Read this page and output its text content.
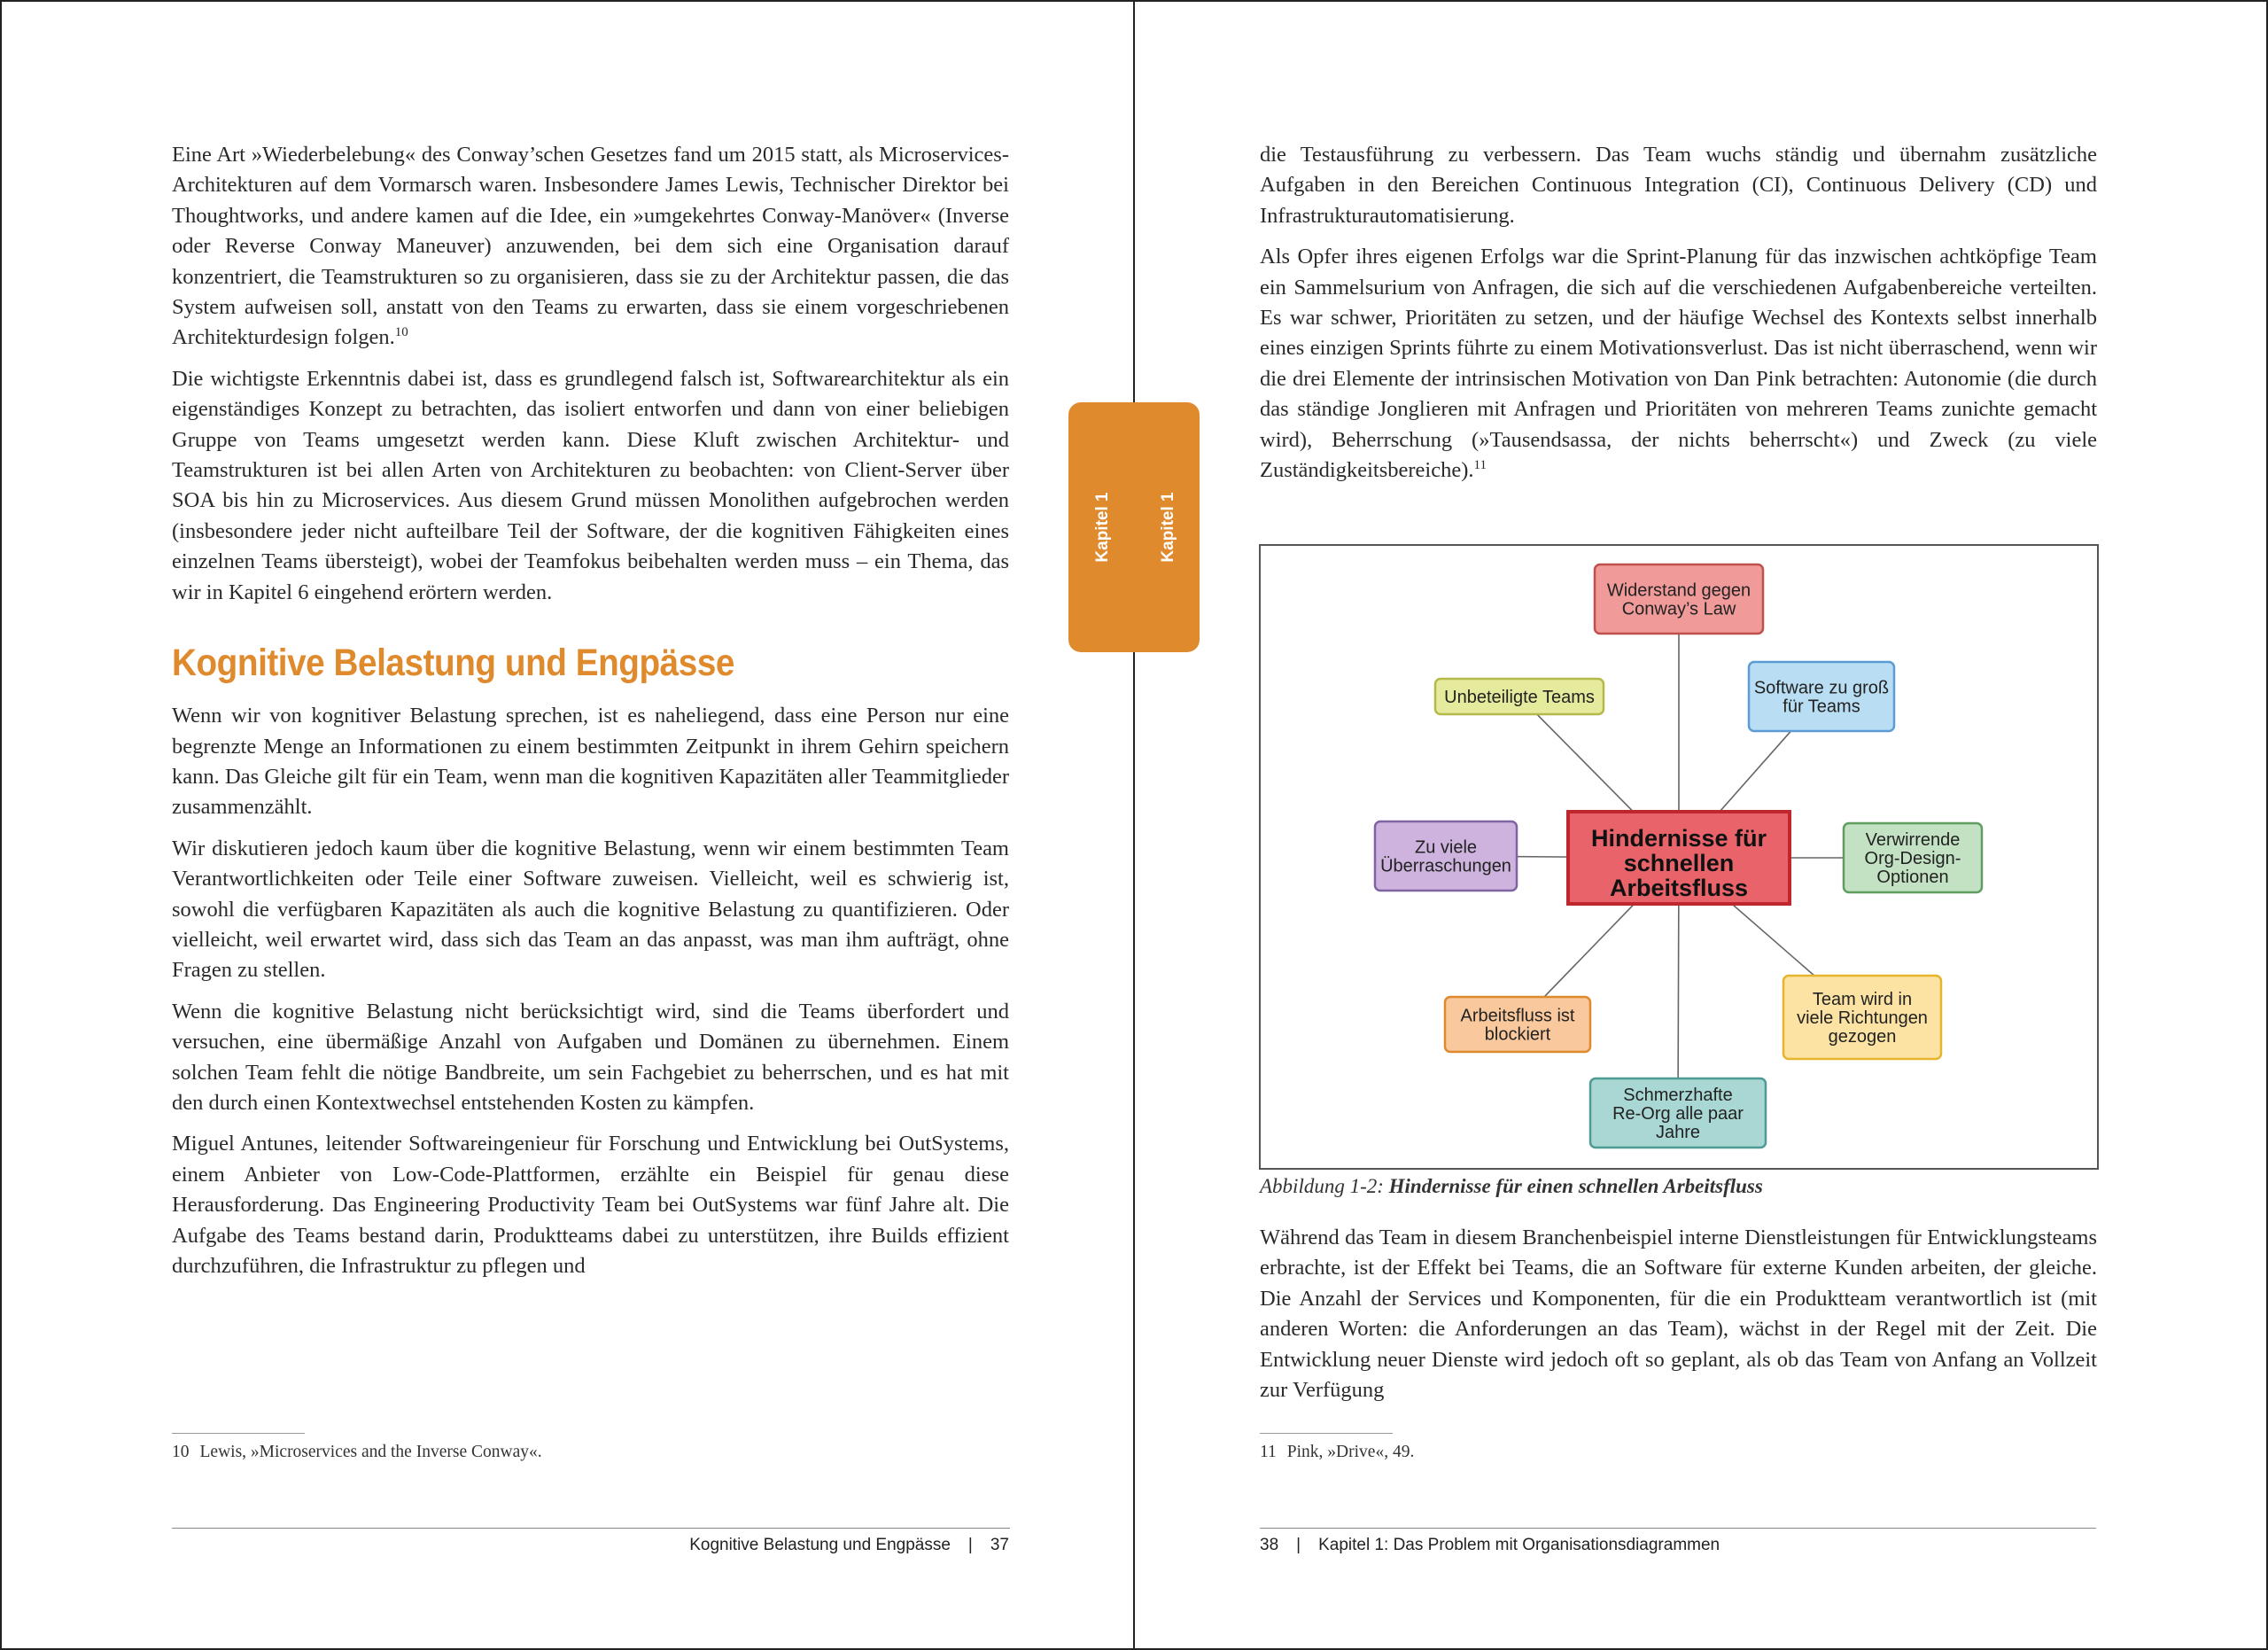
Eine Art »Wiederbelebung« des Conway’schen Gesetzes fand um 2015 statt, als Microservices-Architekturen auf dem Vormarsch waren. Insbesondere James Lewis, Technischer Direktor bei Thoughtworks, und andere kamen auf die Idee, ein »umgekehrtes Conway-Manöver« (Inverse oder Reverse Conway Maneuver) anzuwenden, bei dem sich eine Organisation darauf konzentriert, die Teamstrukturen so zu organisieren, dass sie zu der Architektur passen, die das System aufweisen soll, anstatt von den Teams zu erwarten, dass sie einem vorgeschriebenen Architekturdesign folgen.$^{10}$

Die wichtigste Erkenntnis dabei ist, dass es grundlegend falsch ist, Softwarearchitektur als ein eigenständiges Konzept zu betrachten, das isoliert entworfen und dann von einer beliebigen Gruppe von Teams umgesetzt werden kann. Diese Kluft zwischen Architektur- und Teamstrukturen ist bei allen Arten von Architekturen zu beobachten: von Client-Server über SOA bis hin zu Microservices. Aus diesem Grund müssen Monolithen aufgebrochen werden (insbesondere jeder nicht aufteilbare Teil der Software, der die kognitiven Fähigkeiten eines einzelnen Teams übersteigt), wobei der Teamfokus beibehalten werden muss – ein Thema, das wir in Kapitel 6 eingehend erörtern werden.

Kognitive Belastung und Engpässe

Wenn wir von kognitiver Belastung sprechen, ist es naheliegend, dass eine Person nur eine begrenzte Menge an Informationen zu einem bestimmten Zeitpunkt in ihrem Gehirn speichern kann. Das Gleiche gilt für ein Team, wenn man die kognitiven Kapazitäten aller Teammitglieder zusammenzählt.

Wir diskutieren jedoch kaum über die kognitive Belastung, wenn wir einem bestimmten Team Verantwortlichkeiten oder Teile einer Software zuweisen. Vielleicht, weil es schwierig ist, sowohl die verfügbaren Kapazitäten als auch die kognitive Belastung zu quantifizieren. Oder vielleicht, weil erwartet wird, dass sich das Team an das anpasst, was man ihm aufträgt, ohne Fragen zu stellen.

Wenn die kognitive Belastung nicht berücksichtigt wird, sind die Teams überfordert und versuchen, eine übermäßige Anzahl von Aufgaben und Domänen zu übernehmen. Einem solchen Team fehlt die nötige Bandbreite, um sein Fachgebiet zu beherrschen, und es hat mit den durch einen Kontextwechsel entstehenden Kosten zu kämpfen.

Miguel Antunes, leitender Softwareingenieur für Forschung und Entwicklung bei OutSystems, einem Anbieter von Low-Code-Plattformen, erzählte ein Beispiel für genau diese Herausforderung. Das Engineering Productivity Team bei OutSystems war fünf Jahre alt. Die Aufgabe des Teams bestand darin, Produktteams dabei zu unterstützen, ihre Builds effizient durchzuführen, die Infrastruktur zu pflegen und

10 Lewis, »Microservices and the Inverse Conway«.
Kognitive Belastung und Engpässe | 37
Kapitel 1	Kapitel 1

die Testausführung zu verbessern. Das Team wuchs ständig und übernahm zusätzliche Aufgaben in den Bereichen Continuous Integration (CI), Continuous Delivery (CD) und Infrastrukturautomatisierung.

Als Opfer ihres eigenen Erfolgs war die Sprint-Planung für das inzwischen achtköpfige Team ein Sammelsurium von Anfragen, die sich auf die verschiedenen Aufgabenbereiche verteilten. Es war schwer, Prioritäten zu setzen, und der häufige Wechsel des Kontexts selbst innerhalb eines einzigen Sprints führte zu einem Motivationsverlust. Das ist nicht überraschend, wenn wir die drei Elemente der intrinsischen Motivation von Dan Pink betrachten: Autonomie (die durch das ständige Jonglieren mit Anfragen und Prioritäten von mehreren Teams zunichte gemacht wird), Beherrschung (»Tausendsassa, der nichts beherrscht«) und Zweck (zu viele Zuständigkeitsbereiche).$^{11}$

Widerstand gegen
Conway’s Law
Software zu groß
für Teams
Verwirrende
Org-Design-
Optionen
Team wird in
viele Richtungen
gezogen
Schmerzhafte
Re-Org alle paar
Jahre
Arbeitsfluss ist
blockiert
Zu viele
Überraschungen
Unbeteiligte Teams
Hindernisse für
schnellen
Arbeitsfluss
Abbildung 1-2: Hindernisse für einen schnellen Arbeitsfluss

Während das Team in diesem Branchenbeispiel interne Dienstleistungen für Entwicklungsteams erbrachte, ist der Effekt bei Teams, die an Software für externe Kunden arbeiten, der gleiche. Die Anzahl der Services und Komponenten, für die ein Produktteam verantwortlich ist (mit anderen Worten: die Anforderungen an das Team), wächst in der Regel mit der Zeit. Die Entwicklung neuer Dienste wird jedoch oft so geplant, als ob das Team von Anfang an Vollzeit zur Verfügung

11 Pink, »Drive«, 49.
38 | Kapitel 1: Das Problem mit Organisationsdiagrammen
